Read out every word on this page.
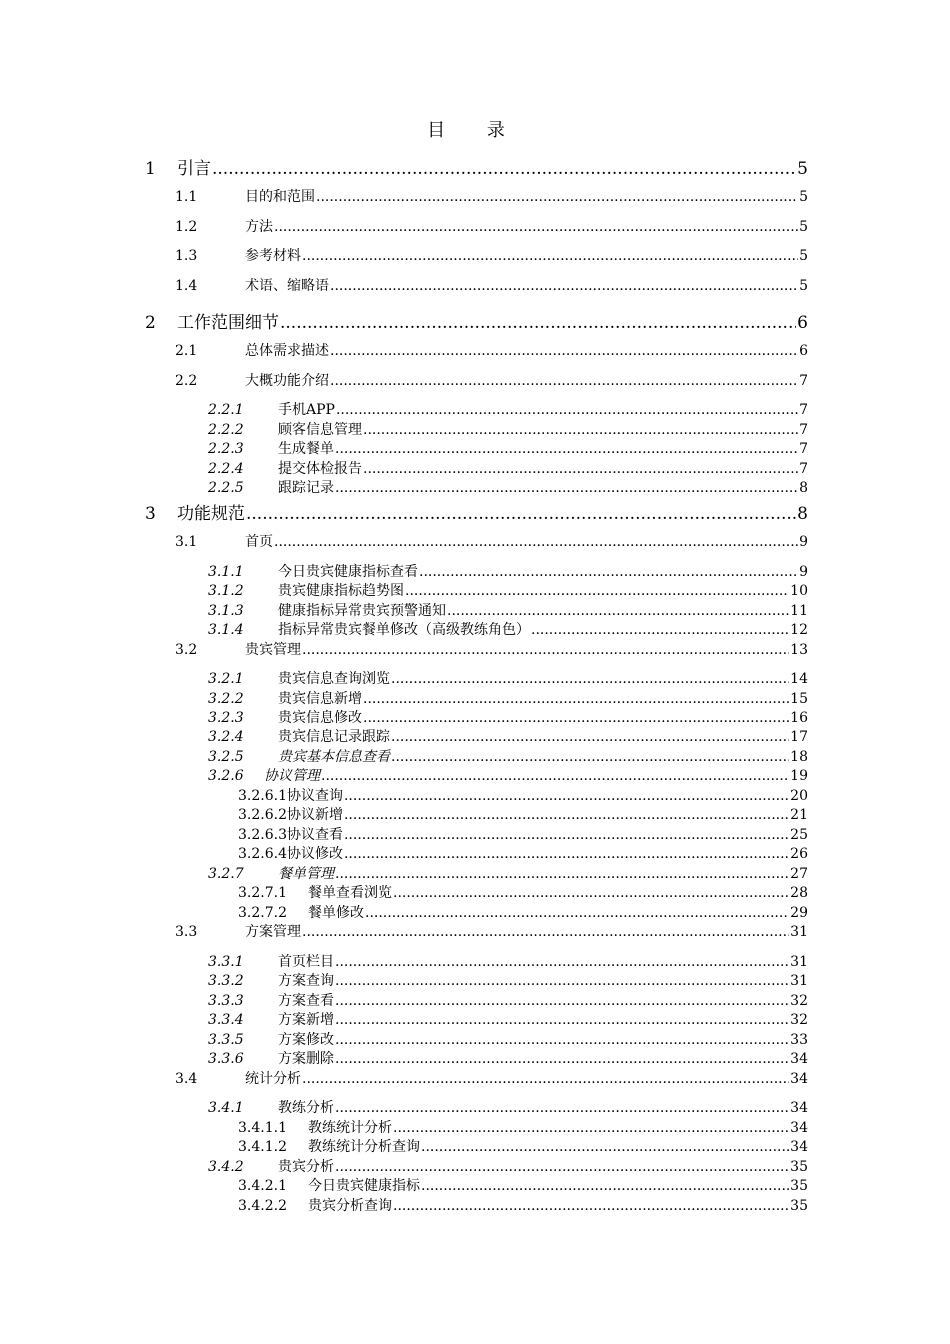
目 录
1	引言 .....	5
1.1	目的和范围 .....	5
1.2	方法 .....	5
1.3	参考材料 .....	5
1.4	术语、缩略语 .....	5
2	工作范围细节 .....	6
2.1	总体需求描述 .....	6
2.2	大概功能介绍 .....	7
2.2.1	手机APP .....	7
2.2.2	顾客信息管理 .....	7
2.2.3	生成餐单 .....	7
2.2.4	提交体检报告 .....	7
2.2.5	跟踪记录 .....	8
3	功能规范 .....	8
3.1	首页 .....	9
3.1.1	今日贵宾健康指标查看 .....	9
3.1.2	贵宾健康指标趋势图 .....	10
3.1.3	健康指标异常贵宾预警通知 .....	11
3.1.4	指标异常贵宾餐单修改（高级教练角色） .....	12
3.2	贵宾管理 .....	13
3.2.1	贵宾信息查询浏览 .....	14
3.2.2	贵宾信息新增 .....	15
3.2.3	贵宾信息修改 .....	16
3.2.4	贵宾信息记录跟踪 .....	17
3.2.5	贵宾基本信息查看 .....	18
3.2.6	协议管理 .....	19
3.2.6.1 协议查询 .....	20
3.2.6.2 协议新增 .....	21
3.2.6.3 协议查看 .....	25
3.2.6.4 协议修改 .....	26
3.2.7	餐单管理 .....	27
3.2.7.1	餐单查看浏览 .....	28
3.2.7.2	餐单修改 .....	29
3.3	方案管理 .....	31
3.3.1	首页栏目 .....	31
3.3.2	方案查询 .....	31
3.3.3	方案查看 .....	32
3.3.4	方案新增 .....	32
3.3.5	方案修改 .....	33
3.3.6	方案删除 .....	34
3.4	统计分析 .....	34
3.4.1	教练分析 .....	34
3.4.1.1	教练统计分析 .....	34
3.4.1.2	教练统计分析查询 .....	34
3.4.2	贵宾分析 .....	35
3.4.2.1	今日贵宾健康指标 .....	35
3.4.2.2	贵宾分析查询 .....	35
